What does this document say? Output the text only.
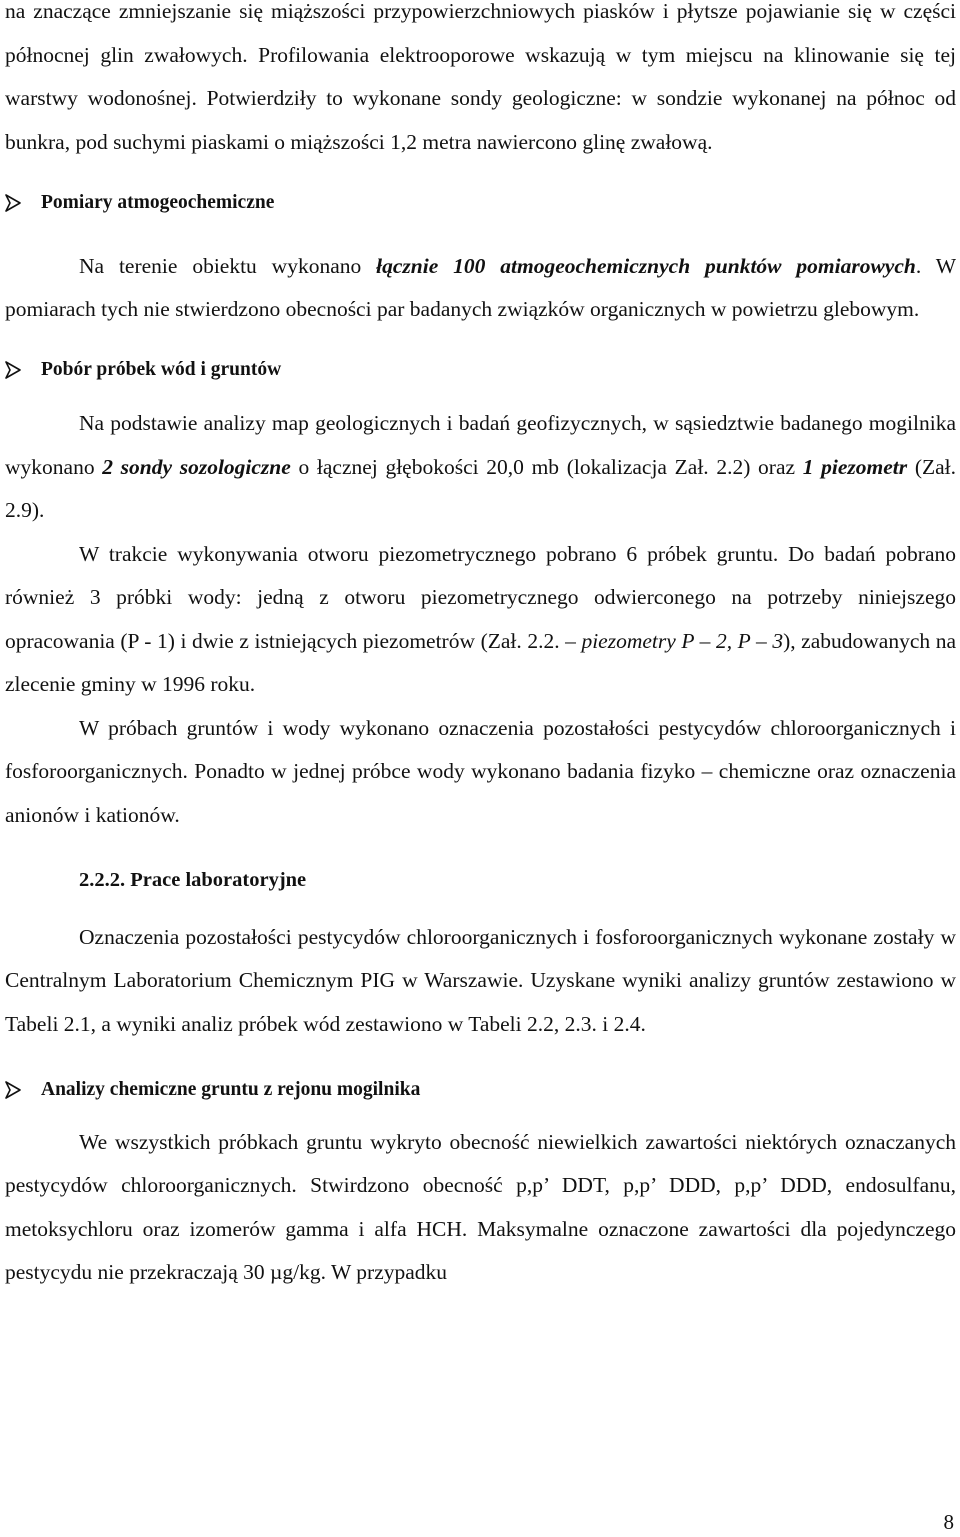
na znaczące zmniejszanie się miąższości przypowierzchniowych piasków i płytsze pojawianie się w części północnej glin zwałowych. Profilowania elektrooporowe wskazują w tym miejscu na klinowanie się tej warstwy wodonośnej. Potwierdziły to wykonane sondy geologiczne: w sondzie wykonanej na północ od bunkra, pod suchymi piaskami o miąższości 1,2 metra nawiercono glinę zwałową.

Pomiary atmogeochemiczne

Na terenie obiektu wykonano łącznie 100 atmogeochemicznych punktów pomiarowych. W pomiarach tych nie stwierdzono obecności par badanych związków organicznych w powietrzu glebowym.

Pobór próbek wód i gruntów

Na podstawie analizy map geologicznych i badań geofizycznych, w sąsiedztwie badanego mogilnika wykonano 2 sondy sozologiczne o łącznej głębokości 20,0 mb (lokalizacja Zał. 2.2) oraz 1 piezometr (Zał. 2.9).

W trakcie wykonywania otworu piezometrycznego pobrano 6 próbek gruntu. Do badań pobrano również 3 próbki wody: jedną z otworu piezometrycznego odwierconego na potrzeby niniejszego opracowania (P - 1) i dwie z istniejących piezometrów (Zał. 2.2. – piezometry P – 2, P – 3), zabudowanych na zlecenie gminy w 1996 roku.

W próbach gruntów i wody wykonano oznaczenia pozostałości pestycydów chloroorganicznych i fosforoorganicznych. Ponadto w jednej próbce wody wykonano badania fizyko – chemiczne oraz oznaczenia anionów i kationów.

2.2.2. Prace laboratoryjne

Oznaczenia pozostałości pestycydów chloroorganicznych i fosforoorganicznych wykonane zostały w Centralnym Laboratorium Chemicznym PIG w Warszawie. Uzyskane wyniki analizy gruntów zestawiono w Tabeli 2.1, a wyniki analiz próbek wód zestawiono w Tabeli 2.2, 2.3. i 2.4.

Analizy chemiczne gruntu z rejonu mogilnika

We wszystkich próbkach gruntu wykryto obecność niewielkich zawartości niektórych oznaczanych pestycydów chloroorganicznych. Stwirdzono obecność p,p’ DDT, p,p’ DDD, p,p’ DDD, endosulfanu, metoksychloru oraz izomerów gamma i alfa HCH. Maksymalne oznaczone zawartości dla pojedynczego pestycydu nie przekraczają 30 µg/kg. W przypadku

8
